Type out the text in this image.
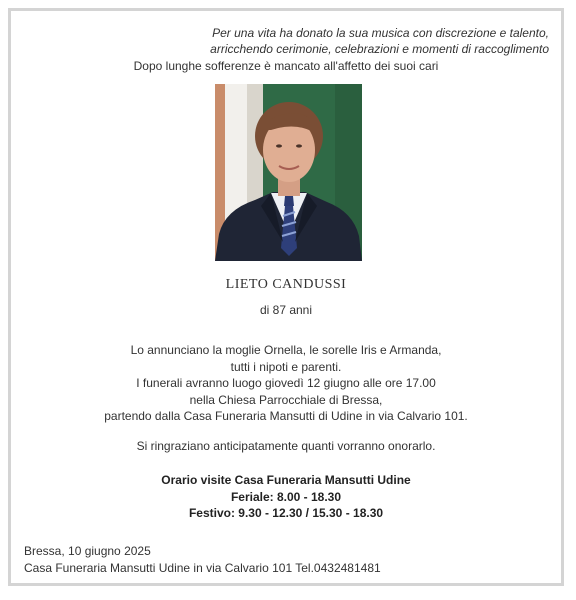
Per una vita ha donato la sua musica con discrezione e talento,
arricchendo cerimonie, celebrazioni e momenti di raccoglimento
Dopo lunghe sofferenze è mancato all'affetto dei suoi cari
LIETO CANDUSSI
di 87 anni
Lo annunciano la moglie Ornella, le sorelle Iris e Armanda,
tutti i nipoti e parenti.
I funerali avranno luogo giovedì 12 giugno alle ore 17.00
nella Chiesa Parrocchiale di Bressa,
partendo dalla Casa Funeraria Mansutti di Udine in via Calvario 101.
Si ringraziano anticipatamente quanti vorranno onorarlo.
Orario visite Casa Funeraria Mansutti Udine
Feriale: 8.00 - 18.30
Festivo: 9.30 - 12.30 / 15.30 - 18.30
Bressa, 10 giugno 2025
Casa Funeraria Mansutti Udine in via Calvario 101 Tel.0432481481
